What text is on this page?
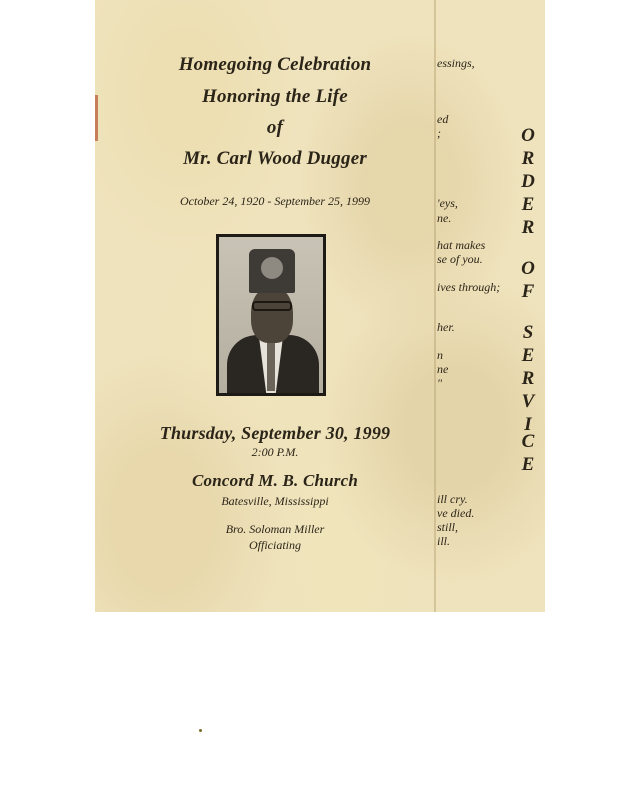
Homegoing Celebration
Honoring the Life
of
Mr. Carl Wood Dugger
October 24, 1920 - September 25, 1999
Thursday, September 30, 1999
2:00 P.M.
Concord M. B. Church
Batesville, Mississippi
Bro. Soloman Miller
Officiating
essings,
ed
;
'eys,
ne.
hat makes
se of you.
ives through;
her.
n
ne
"
ill cry.
ve died.
still,
ill.
O
R
D
E
R
O
F
S
E
R
V
I
C
E
